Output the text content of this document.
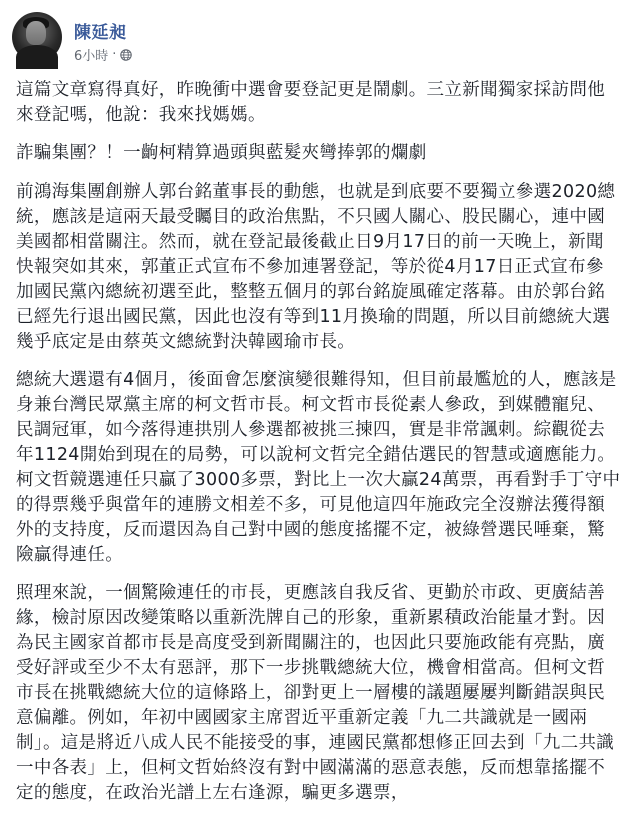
陳延昶
6小時 ·

這篇文章寫得真好，昨晚衝中選會要登記更是鬧劇。三立新聞獨家採訪問他來登記嗎，他說：我來找媽媽。

詐騙集團？！一齣柯精算過頭與藍髮夾彎捧郭的爛劇

前鴻海集團創辦人郭台銘董事長的動態，也就是到底要不要獨立參選2020總統，應該是這兩天最受矚目的政治焦點，不只國人關心、股民關心，連中國美國都相當關注。然而，就在登記最後截止日9月17日的前一天晚上，新聞快報突如其來，郭董正式宣布不參加連署登記，等於從4月17日正式宣布參加國民黨內總統初選至此，整整五個月的郭台銘旋風確定落幕。由於郭台銘已經先行退出國民黨，因此也沒有等到11月換瑜的問題，所以目前總統大選幾乎底定是由蔡英文總統對決韓國瑜市長。

總統大選還有4個月，後面會怎麼演變很難得知，但目前最尷尬的人，應該是身兼台灣民眾黨主席的柯文哲市長。柯文哲市長從素人參政，到媒體寵兒、民調冠軍，如今落得連拱別人參選都被挑三揀四，實是非常諷刺。綜觀從去年1124開始到現在的局勢，可以說柯文哲完全錯估選民的智慧或適應能力。柯文哲競選連任只贏了3000多票，對比上一次大贏24萬票，再看對手丁守中的得票幾乎與當年的連勝文相差不多，可見他這四年施政完全沒辦法獲得額外的支持度，反而還因為自己對中國的態度搖擺不定，被綠營選民唾棄，驚險贏得連任。

照理來說，一個驚險連任的市長，更應該自我反省、更勤於市政、更廣結善緣，檢討原因改變策略以重新洗牌自己的形象，重新累積政治能量才對。因為民主國家首都市長是高度受到新聞關注的，也因此只要施政能有亮點，廣受好評或至少不太有惡評，那下一步挑戰總統大位，機會相當高。但柯文哲市長在挑戰總統大位的這條路上，卻對更上一層樓的議題屢屢判斷錯誤與民意偏離。例如，年初中國國家主席習近平重新定義「九二共識就是一國兩制」。這是將近八成人民不能接受的事，連國民黨都想修正回去到「九二共識一中各表」上，但柯文哲始終沒有對中國滿滿的惡意表態，反而想靠搖擺不定的態度，在政治光譜上左右逢源，騙更多選票，
